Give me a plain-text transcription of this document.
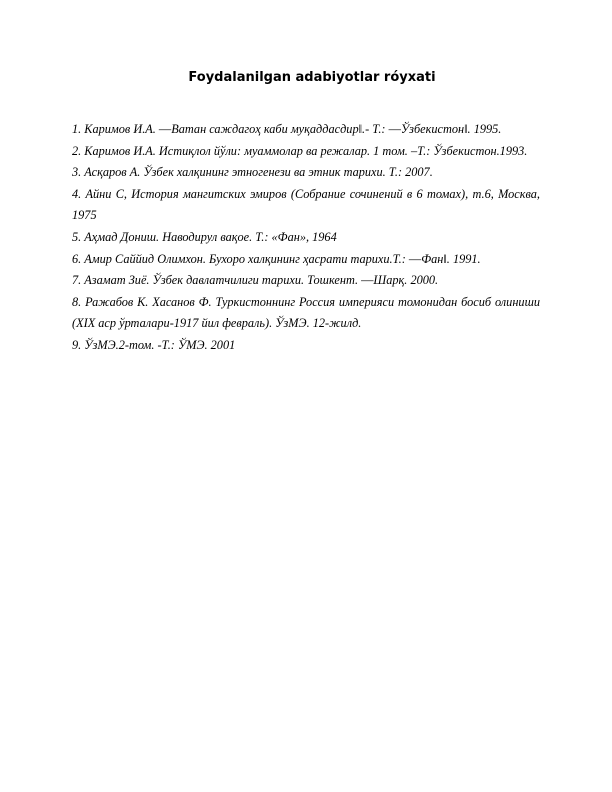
Foydalanilgan adabiyotlar róyxati
1. Каримов И.А. ―Ватан саждагоҳ каби муқаддасдир‖.- Т.: ―Ўзбекистон‖. 1995.
2. Каримов И.А. Истиқлол йўли: муаммолар ва режалар. 1 том. –Т.: Ўзбекистон.1993.
3. Асқаров А. Ўзбек халқининг этногенези ва этник тарихи. Т.: 2007.
4. Айни С, История мангитских эмиров (Собрание сочинений в 6 томах), т.6, Москва, 1975
5. Аҳмад Дониш. Наводирул вақое. Т.: «Фан», 1964
6. Амир Саййид Олимхон. Бухоро халқининг ҳасрати тарихи.Т.: ―Фан‖. 1991.
7. Азамат Зиё. Ўзбек давлатчилиги тарихи. Тошкент. ―Шарқ. 2000.
8. Ражабов К. Хасанов Ф. Туркистоннинг Россия империяси томонидан босиб олиниши (XIX аср ўрталари-1917 йил февраль). ЎзМЭ. 12-жилд.
9. ЎзМЭ.2-том. -Т.: ЎМЭ. 2001
